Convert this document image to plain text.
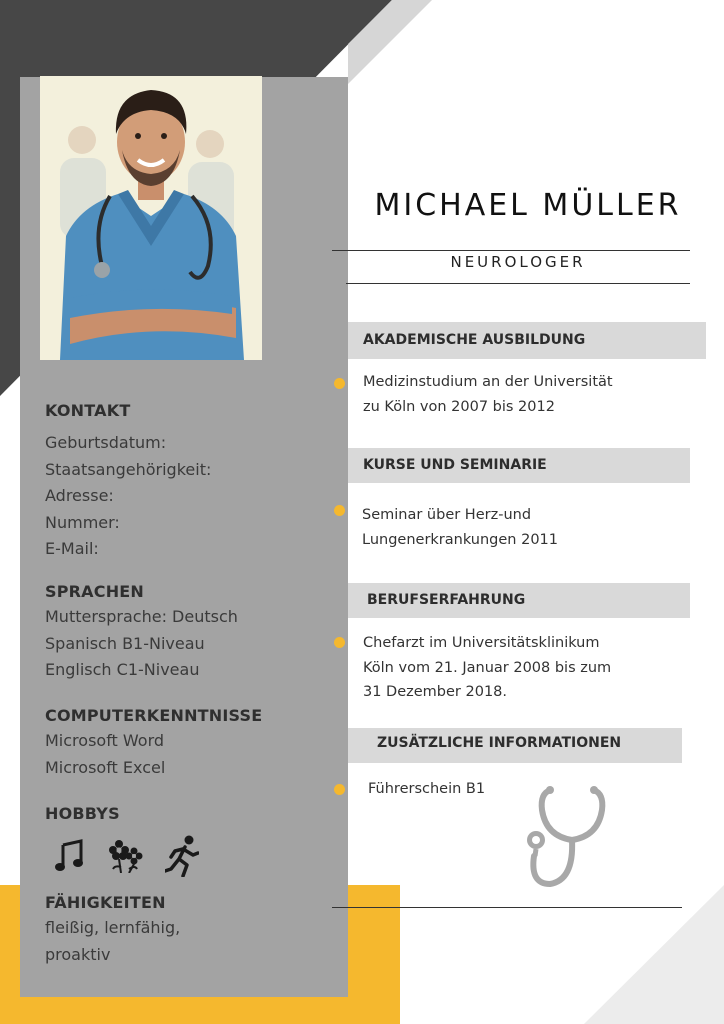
KONTAKT
Geburtsdatum:
Staatsangehörigkeit:
Adresse:
Nummer:
E-Mail:
SPRACHEN
Muttersprache: Deutsch
Spanisch B1-Niveau
Englisch C1-Niveau
COMPUTERKENNTNISSE
Microsoft Word
Microsoft Excel
HOBBYS
FÄHIGKEITEN
fleißig, lernfähig,
proaktiv
MICHAEL MÜLLER
NEUROLOGER
AKADEMISCHE AUSBILDUNG
Medizinstudium an der Universität
zu Köln von 2007 bis 2012
KURSE UND SEMINARIE
Seminar über Herz-und
Lungenerkrankungen 2011
BERUFSERFAHRUNG
Chefarzt im Universitätsklinikum
Köln vom 21. Januar 2008 bis zum
31 Dezember 2018.
ZUSÄTZLICHE INFORMATIONEN
Führerschein B1
